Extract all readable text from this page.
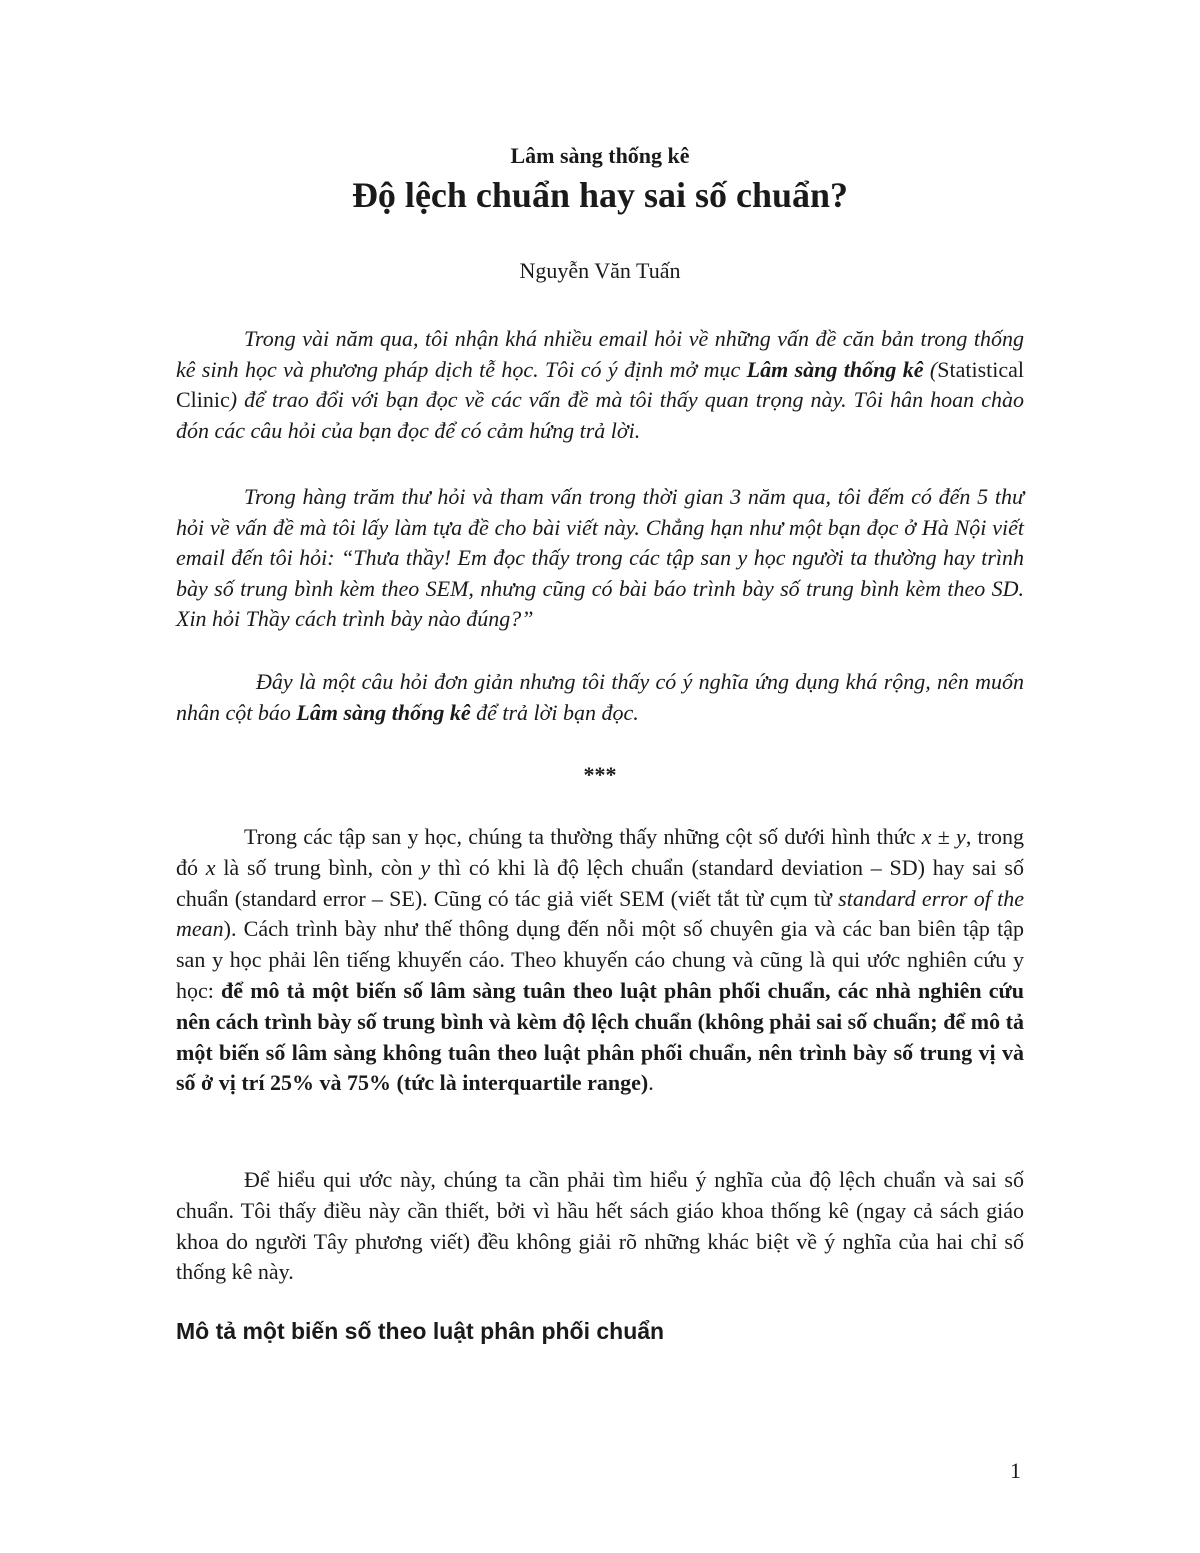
Lâm sàng thống kê
Độ lệch chuẩn hay sai số chuẩn?
Nguyễn Văn Tuấn

Trong vài năm qua, tôi nhận khá nhiều email hỏi về những vấn đề căn bản trong thống kê sinh học và phương pháp dịch tễ học. Tôi có ý định mở mục Lâm sàng thống kê (Statistical Clinic) để trao đổi với bạn đọc về các vấn đề mà tôi thấy quan trọng này. Tôi hân hoan chào đón các câu hỏi của bạn đọc để có cảm hứng trả lời.

Trong hàng trăm thư hỏi và tham vấn trong thời gian 3 năm qua, tôi đếm có đến 5 thư hỏi về vấn đề mà tôi lấy làm tựa đề cho bài viết này. Chẳng hạn như một bạn đọc ở Hà Nội viết email đến tôi hỏi: “Thưa thầy! Em đọc thấy trong các tập san y học người ta thường hay trình bày số trung bình kèm theo SEM, nhưng cũng có bài báo trình bày số trung bình kèm theo SD. Xin hỏi Thầy cách trình bày nào đúng?”

Đây là một câu hỏi đơn giản nhưng tôi thấy có ý nghĩa ứng dụng khá rộng, nên muốn nhân cột báo Lâm sàng thống kê để trả lời bạn đọc.

***

Trong các tập san y học, chúng ta thường thấy những cột số dưới hình thức x ± y, trong đó x là số trung bình, còn y thì có khi là độ lệch chuẩn (standard deviation – SD) hay sai số chuẩn (standard error – SE). Cũng có tác giả viết SEM (viết tắt từ cụm từ standard error of the mean). Cách trình bày như thế thông dụng đến nỗi một số chuyên gia và các ban biên tập tập san y học phải lên tiếng khuyến cáo. Theo khuyến cáo chung và cũng là qui ước nghiên cứu y học: để mô tả một biến số lâm sàng tuân theo luật phân phối chuẩn, các nhà nghiên cứu nên cách trình bày số trung bình và kèm độ lệch chuẩn (không phải sai số chuẩn; để mô tả một biến số lâm sàng không tuân theo luật phân phối chuẩn, nên trình bày số trung vị và số ở vị trí 25% và 75% (tức là interquartile range).

Để hiểu qui ước này, chúng ta cần phải tìm hiểu ý nghĩa của độ lệch chuẩn và sai số chuẩn. Tôi thấy điều này cần thiết, bởi vì hầu hết sách giáo khoa thống kê (ngay cả sách giáo khoa do người Tây phương viết) đều không giải rõ những khác biệt về ý nghĩa của hai chỉ số thống kê này.

Mô tả một biến số theo luật phân phối chuẩn
1
